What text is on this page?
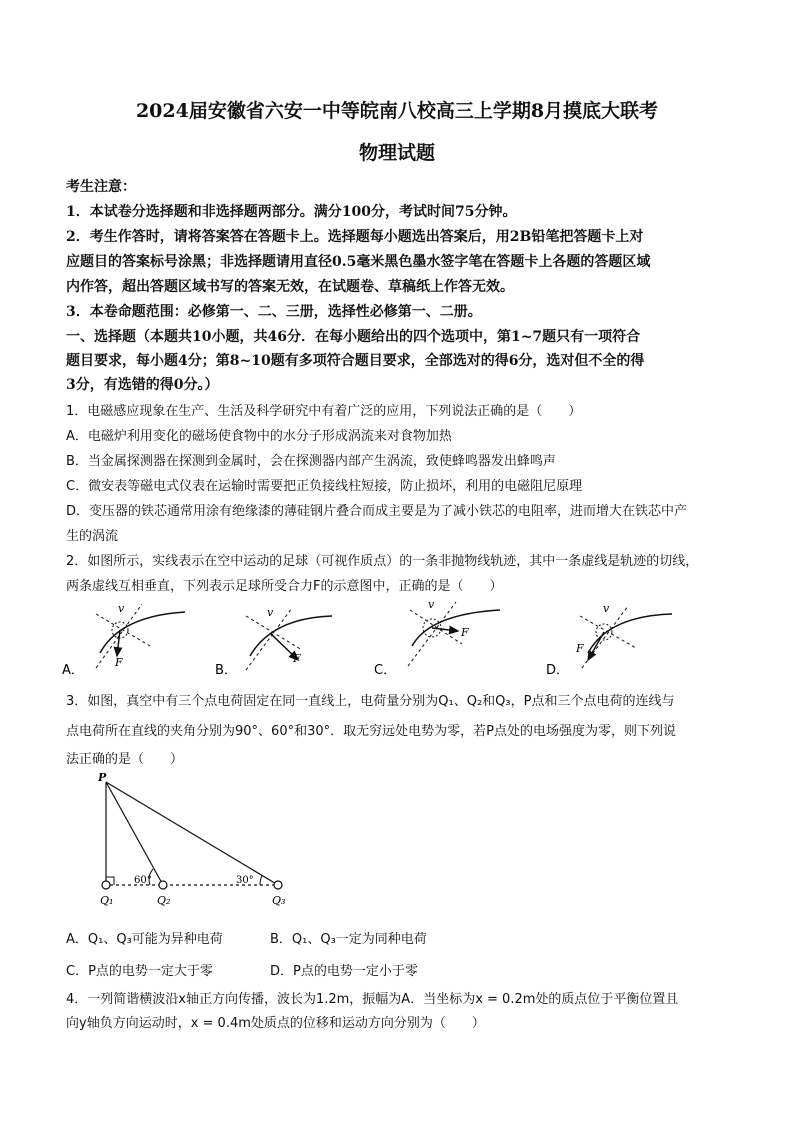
2024届安徽省六安一中等皖南八校高三上学期8月摸底大联考
物理试题
考生注意：
1．本试卷分选择题和非选择题两部分。满分100分，考试时间75分钟。
2．考生作答时，请将答案答在答题卡上。选择题每小题选出答案后，用2B铅笔把答题卡上对
应题目的答案标号涂黑；非选择题请用直径0.5毫米黑色墨水签字笔在答题卡上各题的答题区域
内作答，超出答题区域书写的答案无效，在试题卷、草稿纸上作答无效。
3．本卷命题范围：必修第一、二、三册，选择性必修第一、二册。
一、选择题（本题共10小题，共46分．在每小题给出的四个选项中，第1~7题只有一项符合
题目要求，每小题4分；第8~10题有多项符合题目要求，全部选对的得6分，选对但不全的得
3分，有选错的得0分。）
1．电磁感应现象在生产、生活及科学研究中有着广泛的应用，下列说法正确的是（　　）
A．电磁炉利用变化的磁场使食物中的水分子形成涡流来对食物加热
B．当金属探测器在探测到金属时，会在探测器内部产生涡流，致使蜂鸣器发出蜂鸣声
C．微安表等磁电式仪表在运输时需要把正负接线柱短接，防止损坏，利用的电磁阻尼原理
D．变压器的铁芯通常用涂有绝缘漆的薄硅钢片叠合而成主要是为了减小铁芯的电阻率，进而增大在铁芯中产
生的涡流
2．如图所示，实线表示在空中运动的足球（可视作质点）的一条非抛物线轨迹，其中一条虚线是轨迹的切线，
两条虚线互相垂直，下列表示足球所受合力F的示意图中，正确的是（　　）
v
F
A．
v
F
B．
v
F
C．
v
F
D．
3．如图，真空中有三个点电荷固定在同一直线上，电荷量分别为Q₁、Q₂和Q₃，P点和三个点电荷的连线与
点电荷所在直线的夹角分别为90°、60°和30°．取无穷远处电势为零，若P点处的电场强度为零，则下列说
法正确的是（　　）
P
60°	30°
Q₁	Q₂	Q₃
A．Q₁、Q₃可能为异种电荷	B．Q₁、Q₃一定为同种电荷
C．P点的电势一定大于零	D．P点的电势一定小于零
4．一列简谐横波沿x轴正方向传播，波长为1.2m，振幅为A．当坐标为x = 0.2m处的质点位于平衡位置且
向y轴负方向运动时，x = 0.4m处质点的位移和运动方向分别为（　　）
